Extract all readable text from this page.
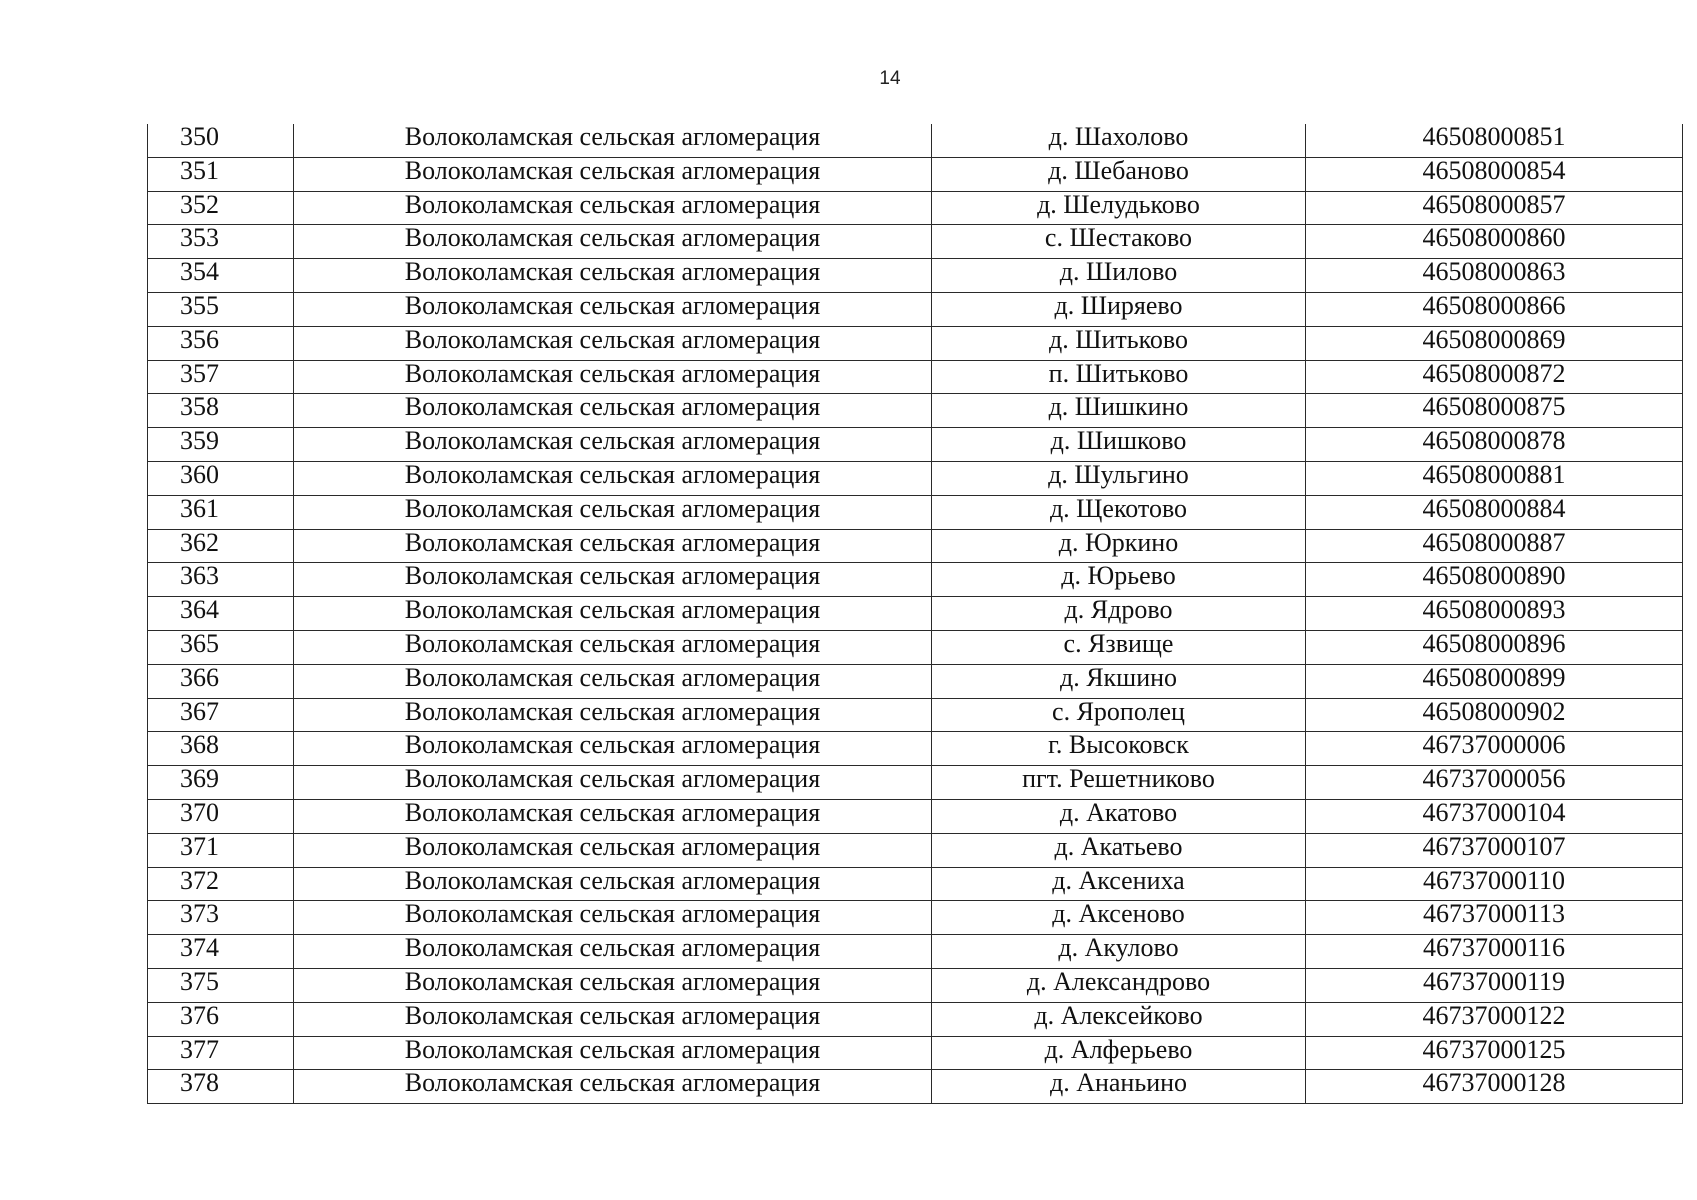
14
350	Волоколамская сельская агломерация	д. Шахолово	46508000851
351	Волоколамская сельская агломерация	д. Шебаново	46508000854
352	Волоколамская сельская агломерация	д. Шелудьково	46508000857
353	Волоколамская сельская агломерация	с. Шестаково	46508000860
354	Волоколамская сельская агломерация	д. Шилово	46508000863
355	Волоколамская сельская агломерация	д. Ширяево	46508000866
356	Волоколамская сельская агломерация	д. Шитьково	46508000869
357	Волоколамская сельская агломерация	п. Шитьково	46508000872
358	Волоколамская сельская агломерация	д. Шишкино	46508000875
359	Волоколамская сельская агломерация	д. Шишково	46508000878
360	Волоколамская сельская агломерация	д. Шульгино	46508000881
361	Волоколамская сельская агломерация	д. Щекотово	46508000884
362	Волоколамская сельская агломерация	д. Юркино	46508000887
363	Волоколамская сельская агломерация	д. Юрьево	46508000890
364	Волоколамская сельская агломерация	д. Ядрово	46508000893
365	Волоколамская сельская агломерация	с. Язвище	46508000896
366	Волоколамская сельская агломерация	д. Якшино	46508000899
367	Волоколамская сельская агломерация	с. Ярополец	46508000902
368	Волоколамская сельская агломерация	г. Высоковск	46737000006
369	Волоколамская сельская агломерация	пгт. Решетниково	46737000056
370	Волоколамская сельская агломерация	д. Акатово	46737000104
371	Волоколамская сельская агломерация	д. Акатьево	46737000107
372	Волоколамская сельская агломерация	д. Аксениха	46737000110
373	Волоколамская сельская агломерация	д. Аксеново	46737000113
374	Волоколамская сельская агломерация	д. Акулово	46737000116
375	Волоколамская сельская агломерация	д. Александрово	46737000119
376	Волоколамская сельская агломерация	д. Алексейково	46737000122
377	Волоколамская сельская агломерация	д. Алферьево	46737000125
378	Волоколамская сельская агломерация	д. Ананьино	46737000128
